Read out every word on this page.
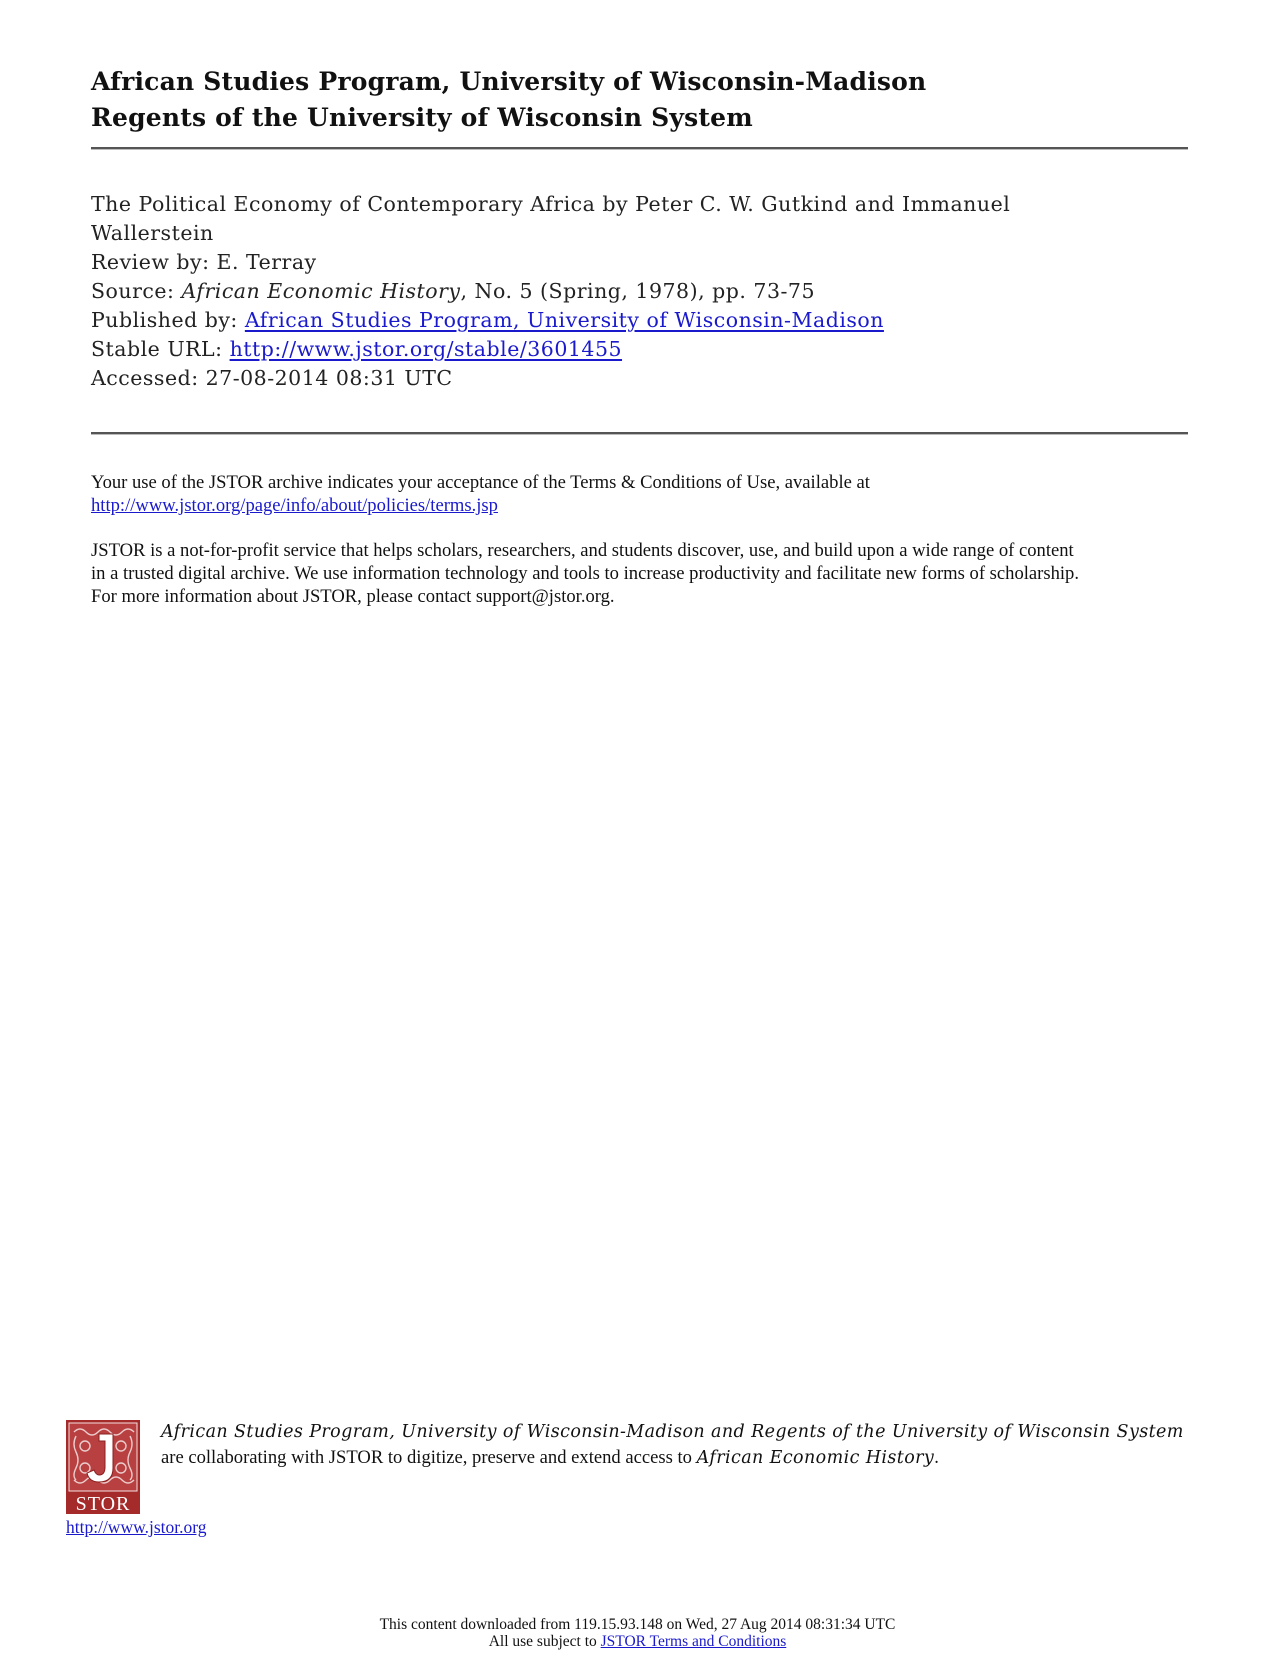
African Studies Program, University of Wisconsin-Madison
Regents of the University of Wisconsin System
The Political Economy of Contemporary Africa by Peter C. W. Gutkind and Immanuel
Wallerstein
Review by: E. Terray
Source: African Economic History, No. 5 (Spring, 1978), pp. 73-75
Published by: African Studies Program, University of Wisconsin-Madison
Stable URL: http://www.jstor.org/stable/3601455
Accessed: 27-08-2014 08:31 UTC

Your use of the JSTOR archive indicates your acceptance of the Terms & Conditions of Use, available at
http://www.jstor.org/page/info/about/policies/terms.jsp

JSTOR is a not-for-profit service that helps scholars, researchers, and students discover, use, and build upon a wide range of content
in a trusted digital archive. We use information technology and tools to increase productivity and facilitate new forms of scholarship.
For more information about JSTOR, please contact support@jstor.org.

STOR
African Studies Program, University of Wisconsin-Madison and Regents of the University of Wisconsin System
are collaborating with JSTOR to digitize, preserve and extend access to African Economic History.
http://www.jstor.org
This content downloaded from 119.15.93.148 on Wed, 27 Aug 2014 08:31:34 UTC
All use subject to JSTOR Terms and Conditions
